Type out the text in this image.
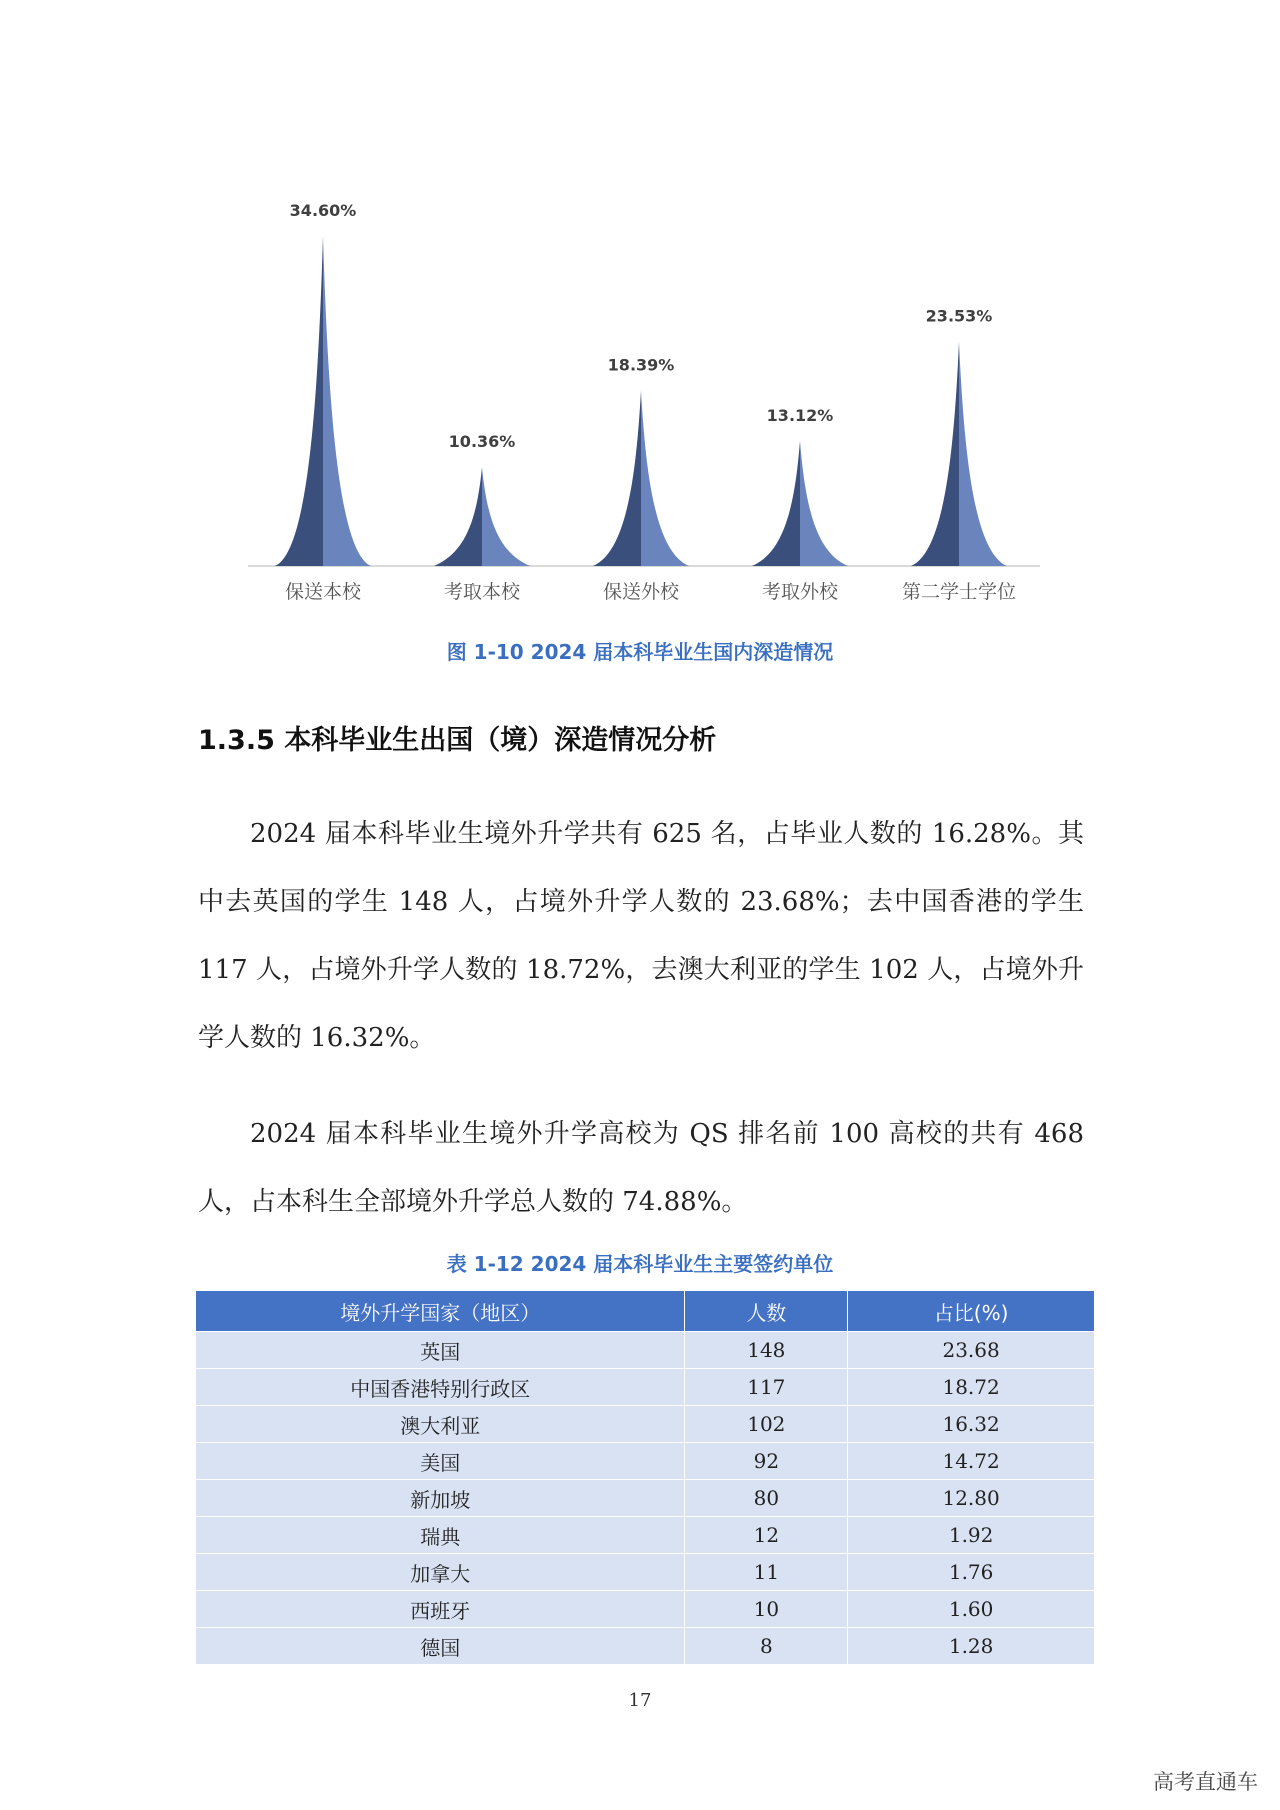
34.60%
保送本校
10.36%
考取本校
18.39%
保送外校
13.12%
考取外校
23.53%
第二学士学位
图 1-10 2024 届本科毕业生国内深造情况
1.3.5 本科毕业生出国（境）深造情况分析

2024 届本科毕业生境外升学共有 625 名，占毕业人数的 16.28%。其中去英国的学生 148 人，占境外升学人数的 23.68%；去中国香港的学生 117 人，占境外升学人数的 18.72%，去澳大利亚的学生 102 人，占境外升学人数的 16.32%。

2024 届本科毕业生境外升学高校为 QS 排名前 100 高校的共有 468 人，占本科生全部境外升学总人数的 74.88%。

表 1-12 2024 届本科毕业生主要签约单位
境外升学国家（地区）	人数	占比(%)
英国	148	23.68
中国香港特别行政区	117	18.72
澳大利亚	102	16.32
美国	92	14.72
新加坡	80	12.80
瑞典	12	1.92
加拿大	11	1.76
西班牙	10	1.60
德国	8	1.28
17
高考直通车
